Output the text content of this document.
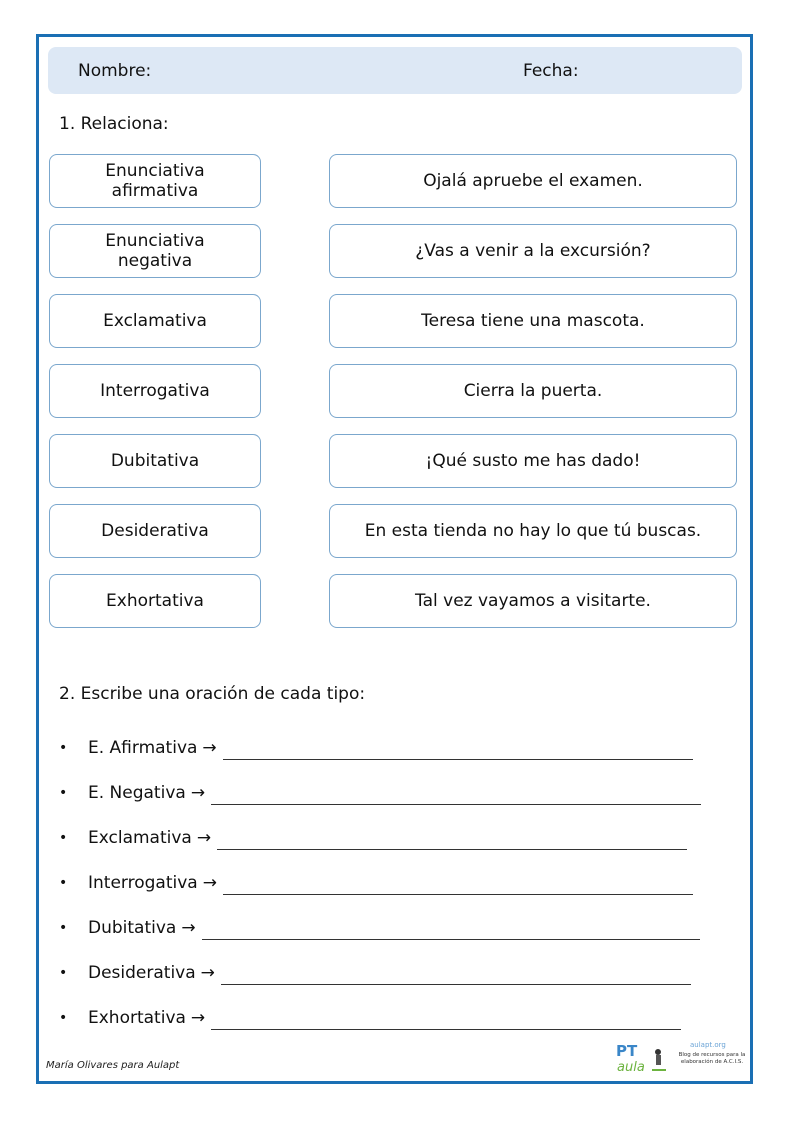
Nombre:	Fecha:
1. Relaciona:
Enunciativa afirmativa
Enunciativa negativa
Exclamativa
Interrogativa
Dubitativa
Desiderativa
Exhortativa
Ojalá apruebe el examen.
¿Vas a venir a la excursión?
Teresa tiene una mascota.
Cierra la puerta.
¡Qué susto me has dado!
En esta tienda no hay lo que tú buscas.
Tal vez vayamos a visitarte.
2. Escribe una oración de cada tipo:
•	E. Afirmativa →
•	E. Negativa →
•	Exclamativa →
•	Interrogativa →
•	Dubitativa →
•	Desiderativa →
•	Exhortativa →
María Olivares para Aulapt
PT
aula
aulapt.org
Blog de recursos para la elaboración de A.C.I.S.
